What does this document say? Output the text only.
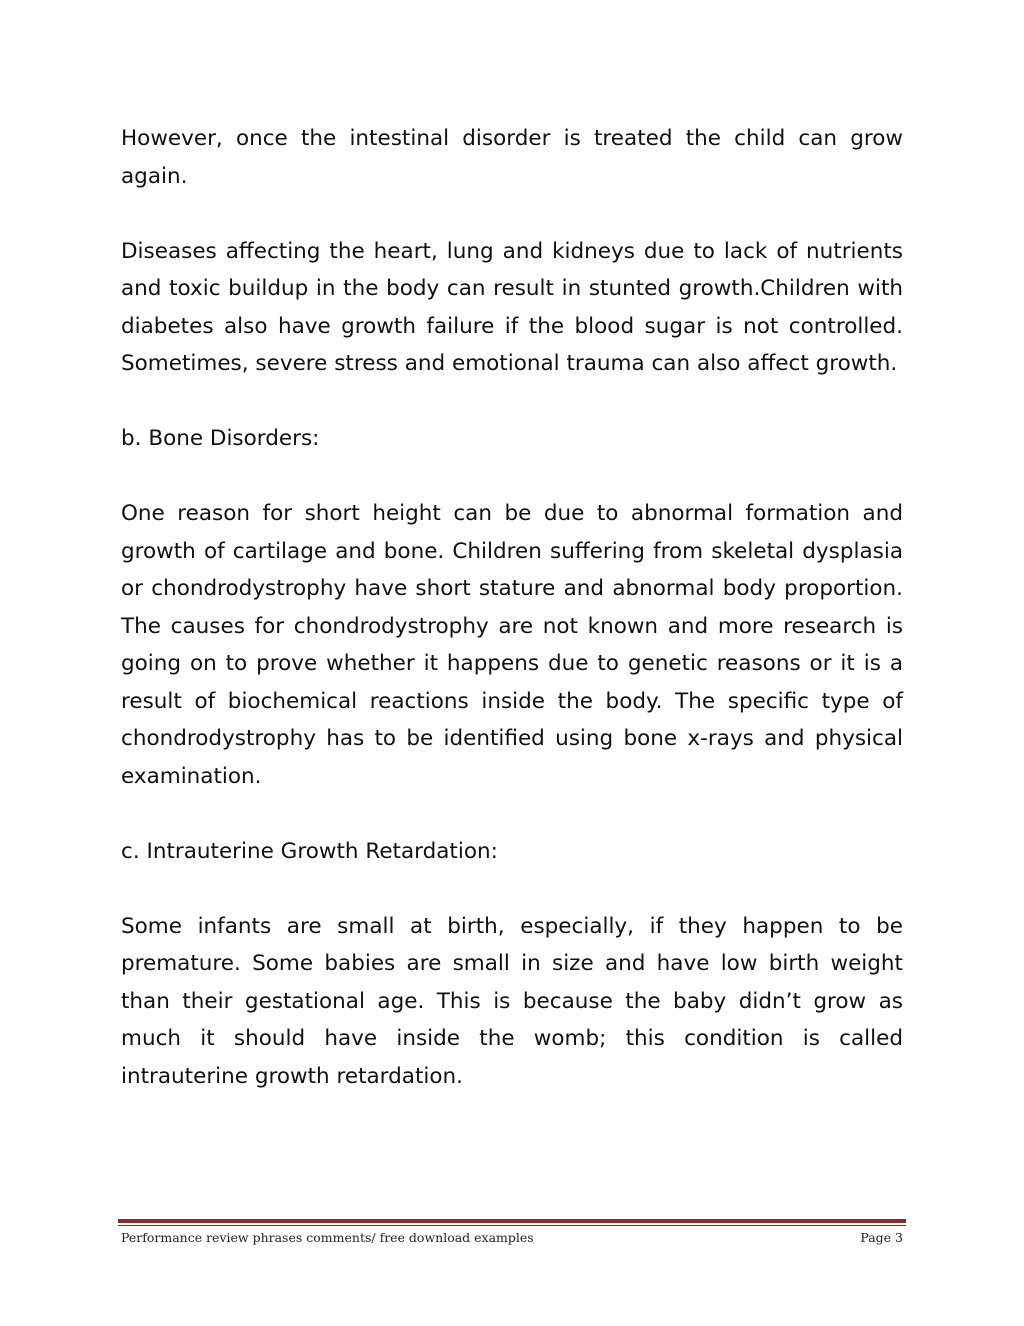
However, once the intestinal disorder is treated the child can grow again.

Diseases affecting the heart, lung and kidneys due to lack of nutrients and toxic buildup in the body can result in stunted growth.Children with diabetes also have growth failure if the blood sugar is not controlled. Sometimes, severe stress and emotional trauma can also affect growth.

b. Bone Disorders:

One reason for short height can be due to abnormal formation and growth of cartilage and bone. Children suffering from skeletal dysplasia or chondrodystrophy have short stature and abnormal body proportion. The causes for chondrodystrophy are not known and more research is going on to prove whether it happens due to genetic reasons or it is a result of biochemical reactions inside the body. The specific type of chondrodystrophy has to be identified using bone x-rays and physical examination.

c. Intrauterine Growth Retardation:

Some infants are small at birth, especially, if they happen to be premature. Some babies are small in size and have low birth weight than their gestational age. This is because the baby didn’t grow as much it should have inside the womb; this condition is called intrauterine growth retardation.

Performance review phrases comments/ free download examples	Page 3
